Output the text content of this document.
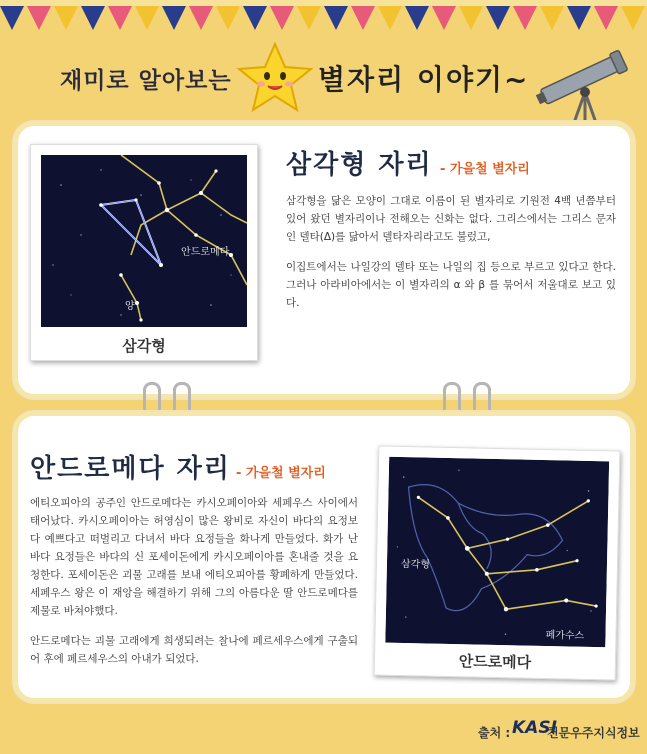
재미로 알아보는	별자리 이야기~
안드로메다
양
삼각형
삼각형 자리 - 가을철 별자리
삼각형을 닮은 모양이 그대로 이름이 된 별자리로 기원전 4백 년쯤부터 있어 왔던 별자리이나 전해오는 신화는 없다. 그리스에서는 그리스 문자인 델타(Δ)를 닮아서 델타자리라고도 불렀고,
이집트에서는 나일강의 델타 또는 나일의 집 등으로 부르고 있다고 한다. 그러나 아라비아에서는 이 별자리의 α 와 β 를 묶어서 저울대로 보고 있다.
안드로메다 자리 - 가을철 별자리
에티오피아의 공주인 안드로메다는 카시오페이아와 세페우스 사이에서 태어났다. 카시오페이아는 허영심이 많은 왕비로 자신이 바다의 요정보다 예쁘다고 떠벌리고 다녀서 바다 요정들을 화나게 만들었다. 화가 난 바다 요정들은 바다의 신 포세이돈에게 카시오페이아를 혼내줄 것을 요청한다. 포세이돈은 괴물 고래를 보내 에티오피아를 황폐하게 만들었다. 세페우스 왕은 이 재앙을 해결하기 위해 그의 아름다운 딸 안드로메다를 제물로 바쳐야했다.
안드로메다는 괴물 고래에게 희생되려는 찰나에 페르세우스에게 구출되어 후에 페르세우스의 아내가 되었다.
삼각형
페가수스
안드로메다
출처 : KASI
천문우주지식정보
